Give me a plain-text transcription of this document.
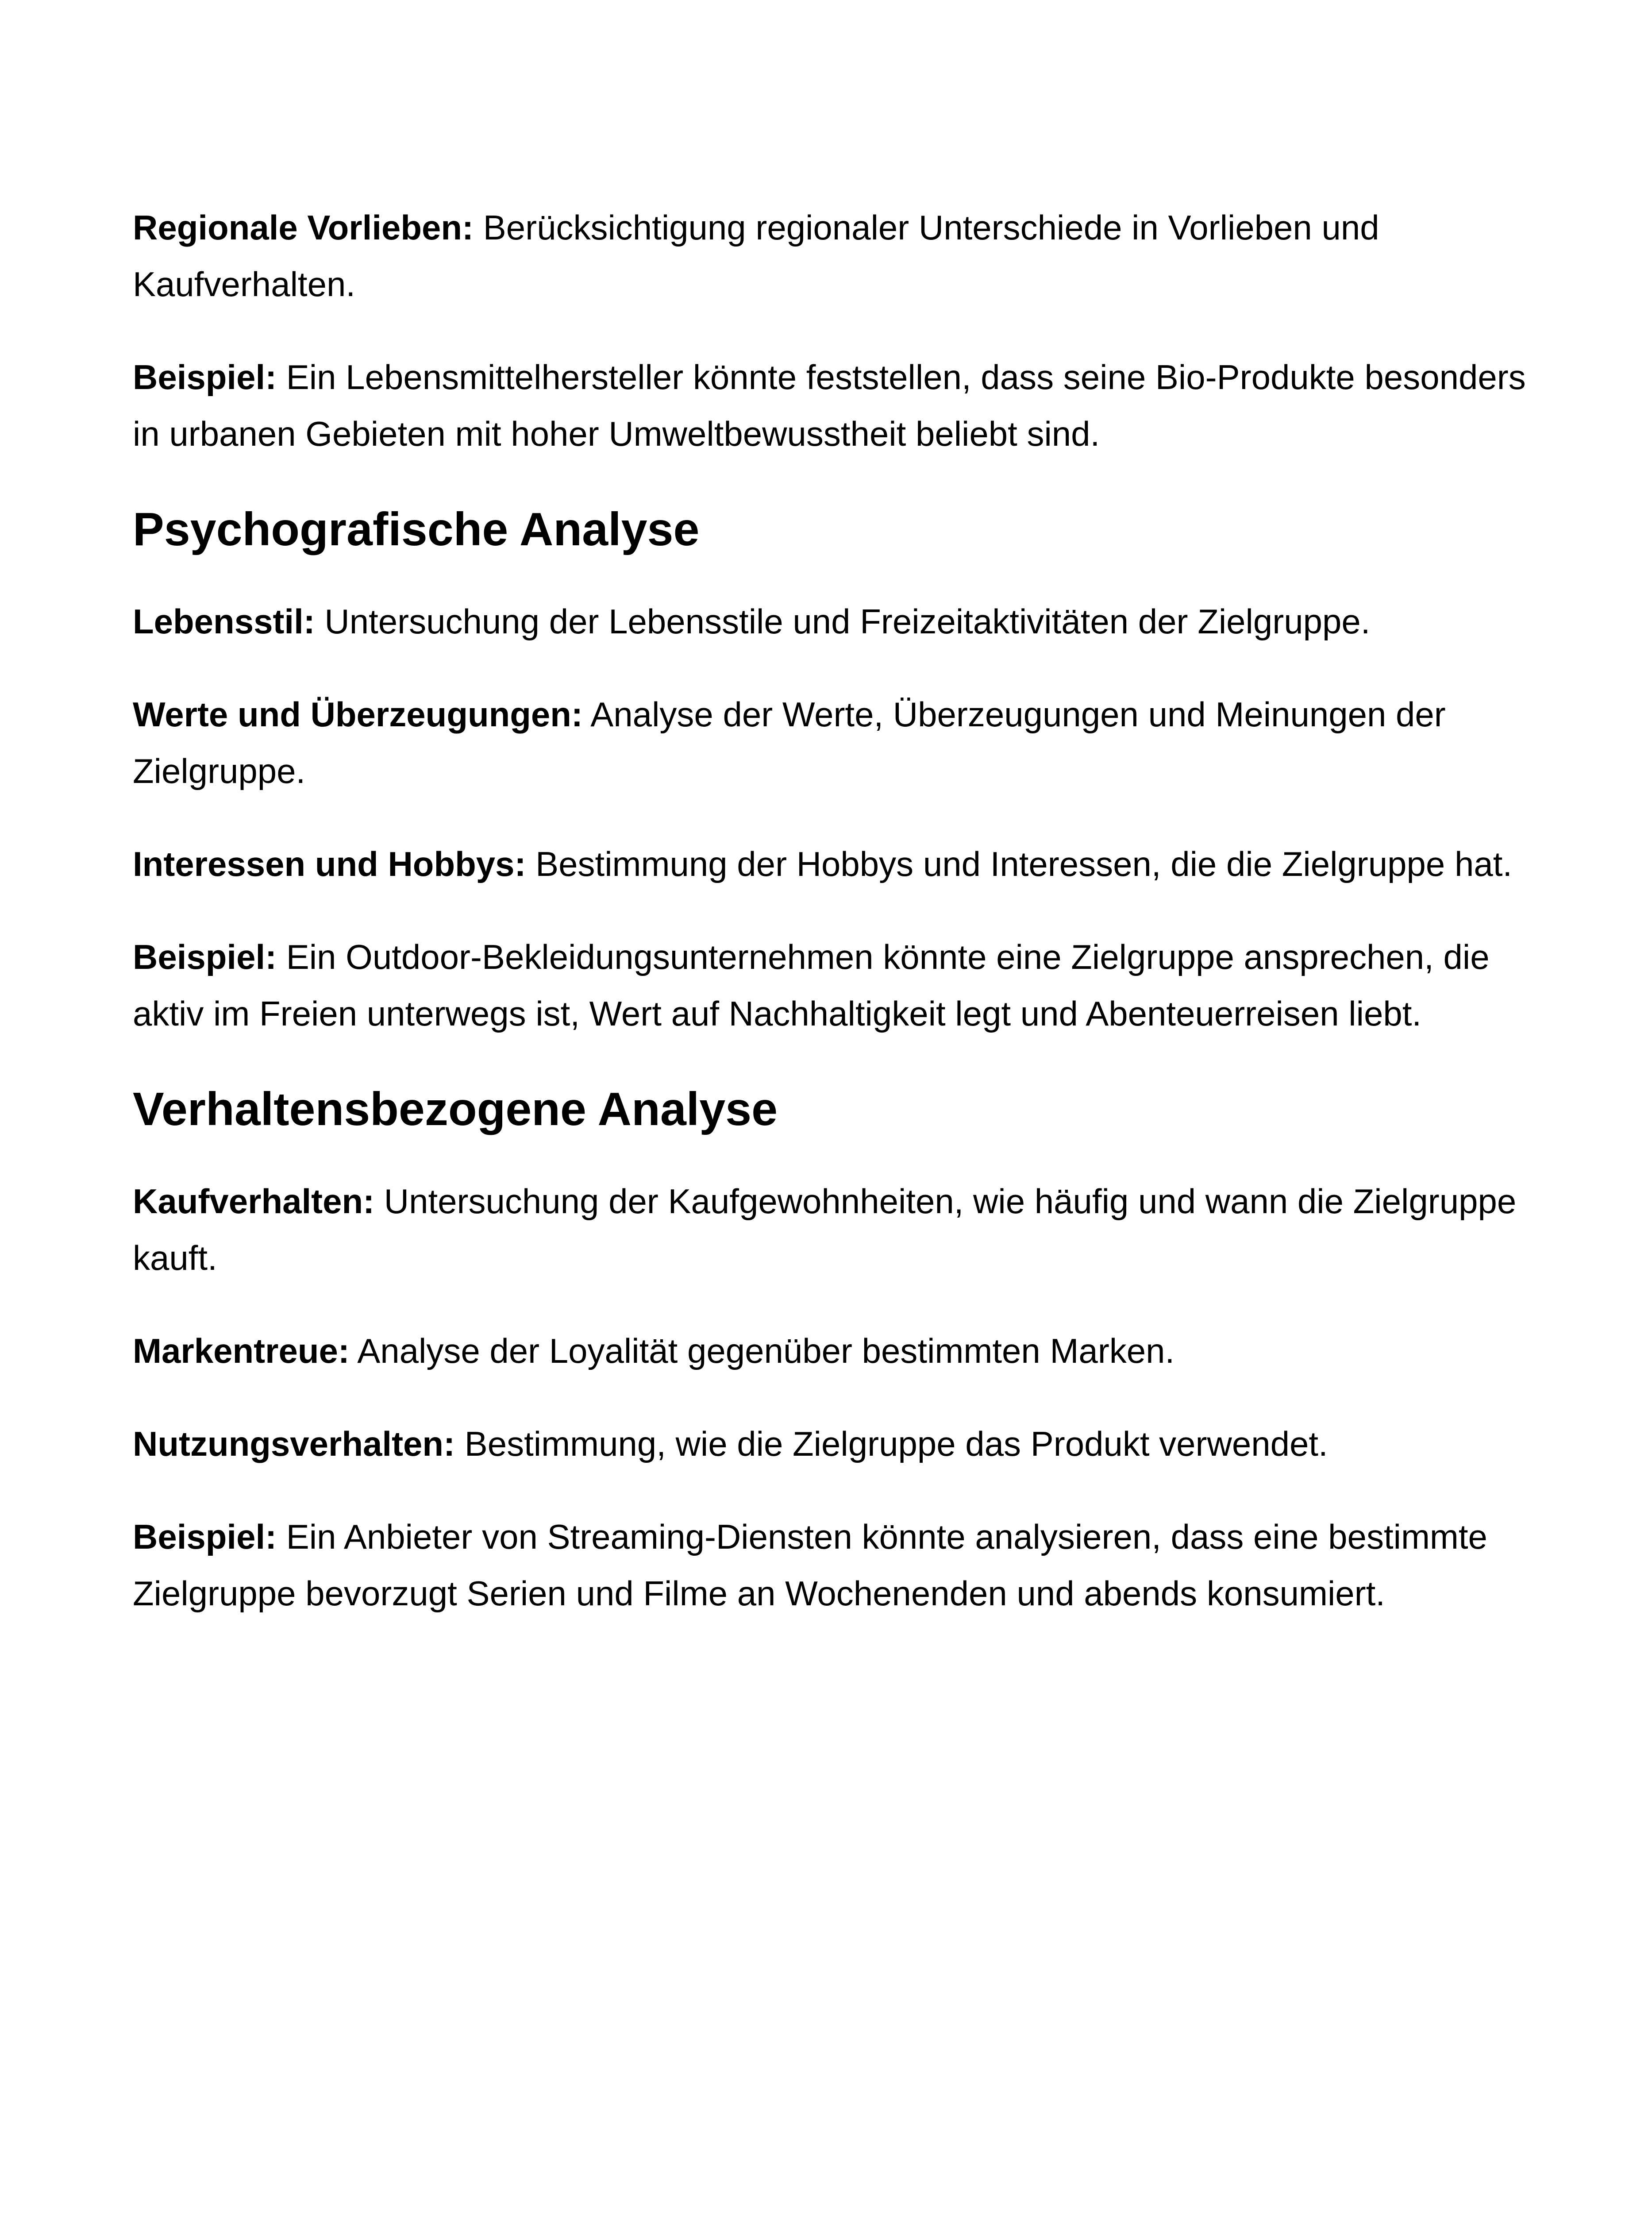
Regionale Vorlieben: Berücksichtigung regionaler Unterschiede in Vorlieben und Kaufverhalten.

Beispiel: Ein Lebensmittelhersteller könnte feststellen, dass seine Bio-Produkte besonders in urbanen Gebieten mit hoher Umweltbewusstheit beliebt sind.

Psychografische Analyse

Lebensstil: Untersuchung der Lebensstile und Freizeitaktivitäten der Zielgruppe.

Werte und Überzeugungen: Analyse der Werte, Überzeugungen und Meinungen der Zielgruppe.

Interessen und Hobbys: Bestimmung der Hobbys und Interessen, die die Zielgruppe hat.

Beispiel: Ein Outdoor-Bekleidungsunternehmen könnte eine Zielgruppe ansprechen, die aktiv im Freien unterwegs ist, Wert auf Nachhaltigkeit legt und Abenteuerreisen liebt.

Verhaltensbezogene Analyse

Kaufverhalten: Untersuchung der Kaufgewohnheiten, wie häufig und wann die Zielgruppe kauft.

Markentreue: Analyse der Loyalität gegenüber bestimmten Marken.

Nutzungsverhalten: Bestimmung, wie die Zielgruppe das Produkt verwendet.

Beispiel: Ein Anbieter von Streaming-Diensten könnte analysieren, dass eine bestimmte Zielgruppe bevorzugt Serien und Filme an Wochenenden und abends konsumiert.
